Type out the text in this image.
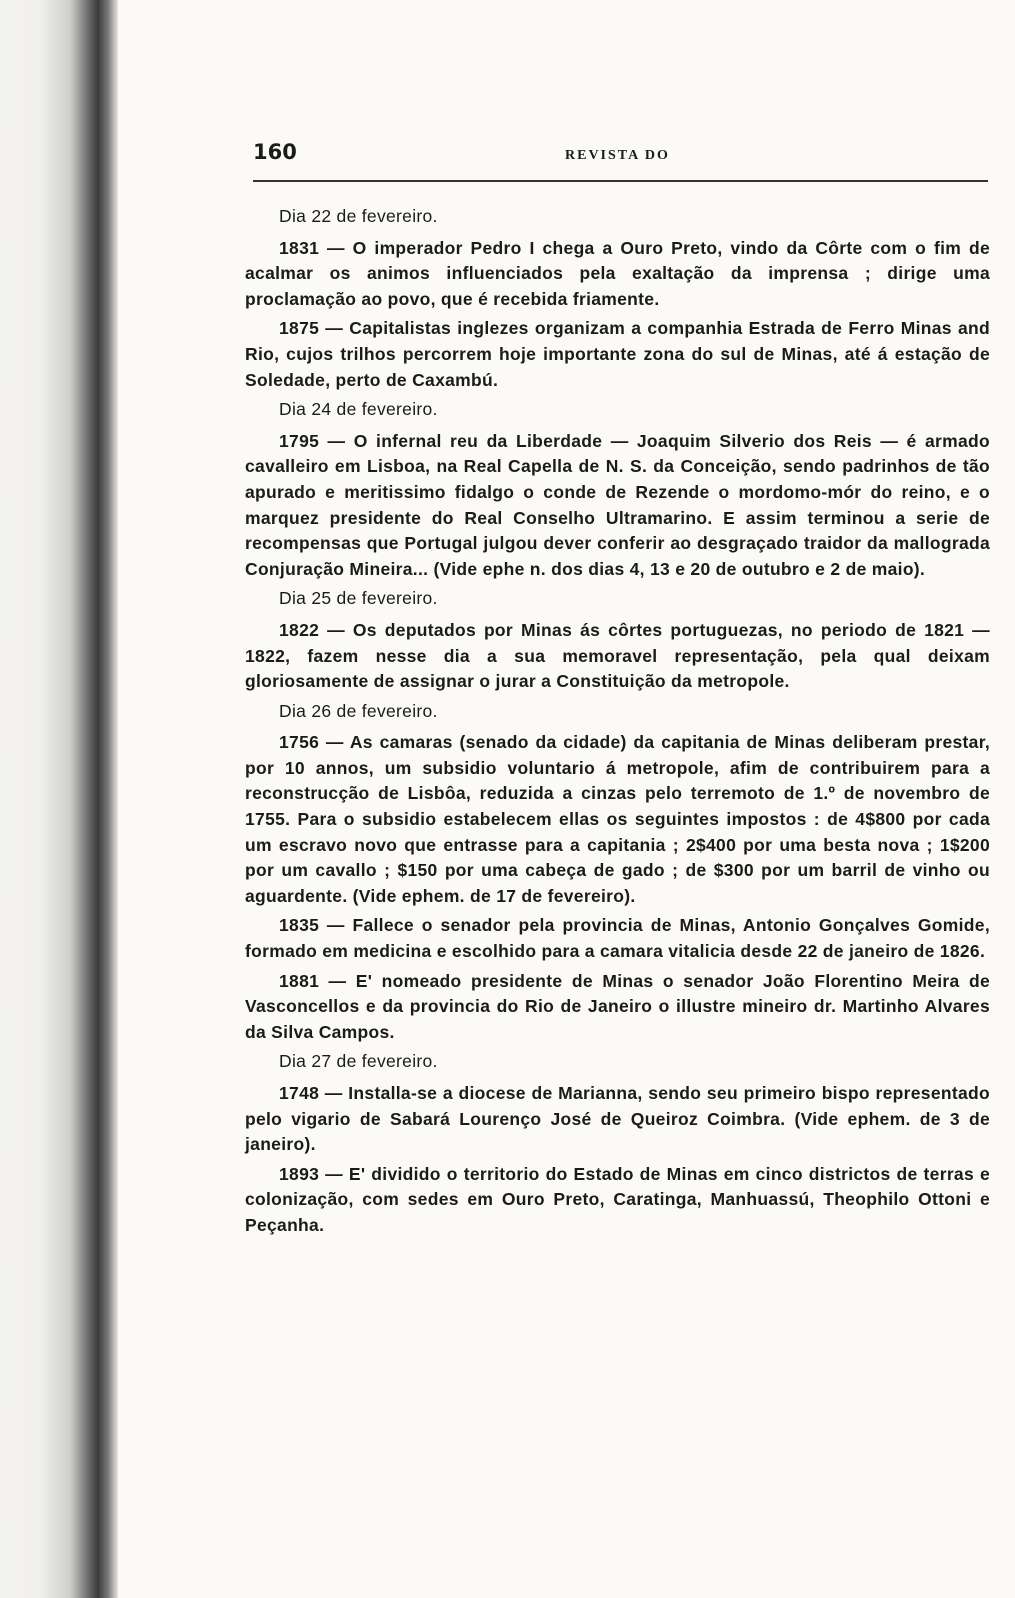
160	REVISTA DO

Dia 22 de fevereiro.

1831 — O imperador Pedro I chega a Ouro Preto, vindo da Côrte com o fim de acalmar os animos influenciados pela exaltação da imprensa ; dirige uma proclamação ao povo, que é recebida friamente.

1875 — Capitalistas inglezes organizam a companhia Estrada de Ferro Minas and Rio, cujos trilhos percorrem hoje importante zona do sul de Minas, até á estação de Soledade, perto de Caxambú.

Dia 24 de fevereiro.

1795 — O infernal reu da Liberdade — Joaquim Silverio dos Reis — é armado cavalleiro em Lisboa, na Real Capella de N. S. da Conceição, sendo padrinhos de tão apurado e meritissimo fidalgo o conde de Rezende o mordomo-mór do reino, e o marquez presidente do Real Conselho Ultramarino. E assim terminou a serie de recompensas que Portugal julgou dever conferir ao desgraçado traidor da mallograda Conjuração Mineira... (Vide ephe n. dos dias 4, 13 e 20 de outubro e 2 de maio).

Dia 25 de fevereiro.

1822 — Os deputados por Minas ás côrtes portuguezas, no periodo de 1821 — 1822, fazem nesse dia a sua memoravel representação, pela qual deixam gloriosamente de assignar o jurar a Constituição da metropole.

Dia 26 de fevereiro.

1756 — As camaras (senado da cidade) da capitania de Minas deliberam prestar, por 10 annos, um subsidio voluntario á metropole, afim de contribuirem para a reconstrucção de Lisbôa, reduzida a cinzas pelo terremoto de 1.º de novembro de 1755. Para o subsidio estabelecem ellas os seguintes impostos : de 4$800 por cada um escravo novo que entrasse para a capitania ; 2$400 por uma besta nova ; 1$200 por um cavallo ; $150 por uma cabeça de gado ; de $300 por um barril de vinho ou aguardente. (Vide ephem. de 17 de fevereiro).

1835 — Fallece o senador pela provincia de Minas, Antonio Gonçalves Gomide, formado em medicina e escolhido para a camara vitalicia desde 22 de janeiro de 1826.

1881 — E' nomeado presidente de Minas o senador João Florentino Meira de Vasconcellos e da provincia do Rio de Janeiro o illustre mineiro dr. Martinho Alvares da Silva Campos.

Dia 27 de fevereiro.

1748 — Installa-se a diocese de Marianna, sendo seu primeiro bispo representado pelo vigario de Sabará Lourenço José de Queiroz Coimbra. (Vide ephem. de 3 de janeiro).

1893 — E' dividido o territorio do Estado de Minas em cinco districtos de terras e colonização, com sedes em Ouro Preto, Caratinga, Manhuassú, Theophilo Ottoni e Peçanha.
